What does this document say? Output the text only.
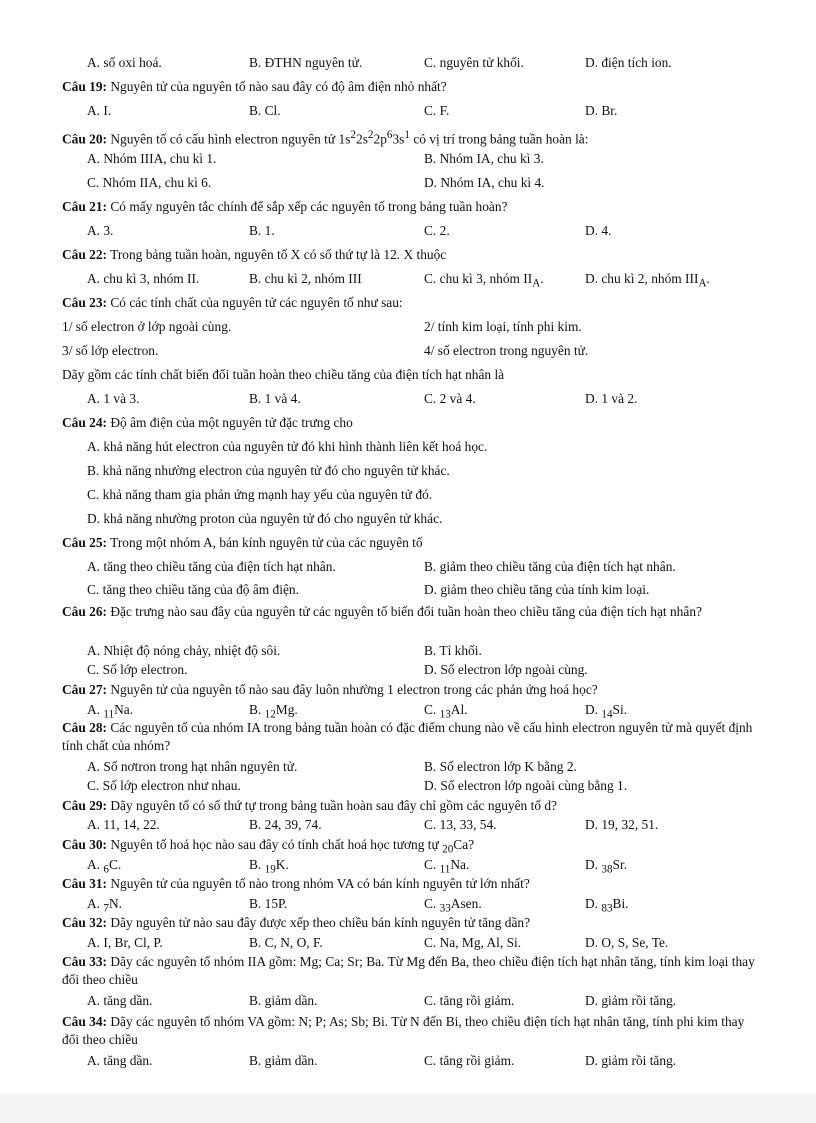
A. số oxi hoá.	B. ĐTHN nguyên tử.	C. nguyên tử khối.	D. điện tích ion.
Câu 19: Nguyên tử của nguyên tố nào sau đây có độ âm điện nhỏ nhất?
A. I.	B. Cl.	C. F.	D. Br.
Câu 20: Nguyên tố có cấu hình electron nguyên tử $1s^22s^22p^63s^1$ có vị trí trong bảng tuần hoàn là:
A. Nhóm IIIA, chu kì 1.	B. Nhóm IA, chu kì 3.
C. Nhóm IIA, chu kì 6.	D. Nhóm IA, chu kì 4.
Câu 21: Có mấy nguyên tắc chính để sắp xếp các nguyên tố trong bảng tuần hoàn?
A. 3.	B. 1.	C. 2.	D. 4.
Câu 22: Trong bảng tuần hoàn, nguyên tố X có số thứ tự là 12. X thuộc
A. chu kì 3, nhóm II.	B. chu kì 2, nhóm III	C. chu kì 3, nhóm $II_A$.	D. chu kì 2, nhóm $III_A$.
Câu 23: Có các tính chất của nguyên tử các nguyên tố như sau:
1/ số electron ở lớp ngoài cùng.	2/ tính kim loại, tính phi kim.
3/ số lớp electron.	4/ số electron trong nguyên tử.
Dãy gồm các tính chất biến đổi tuần hoàn theo chiều tăng của điện tích hạt nhân là
A. 1 và 3.	B. 1 và 4.	C. 2 và 4.	D. 1 và 2.
Câu 24: Độ âm điện của một nguyên tử đặc trưng cho
A. khả năng hút electron của nguyên tử đó khi hình thành liên kết hoá học.
B. khả năng nhường electron của nguyên tử đó cho nguyên tử khác.
C. khả năng tham gia phản ứng mạnh hay yếu của nguyên tử đó.
D. khả năng nhường proton của nguyên tử đó cho nguyên tử khác.
Câu 25: Trong một nhóm A, bán kính nguyên tử của các nguyên tố
A. tăng theo chiều tăng của điện tích hạt nhân.	B. giảm theo chiều tăng của điện tích hạt nhân.
C. tăng theo chiều tăng của độ âm điện.	D. giảm theo chiều tăng của tính kim loại.
Câu 26: Đặc trưng nào sau đây của nguyên tử các nguyên tố biến đổi tuần hoàn theo chiều tăng của điện tích hạt nhân?
A. Nhiệt độ nóng chảy, nhiệt độ sôi.	B. Tỉ khối.
C. Số lớp electron.	D. Số electron lớp ngoài cùng.
Câu 27: Nguyên tử của nguyên tố nào sau đây luôn nhường 1 electron trong các phản ứng hoá học?
A. $_{11}$Na.	B. $_{12}$Mg.	C. $_{13}$Al.	D. $_{14}$Si.
Câu 28: Các nguyên tố của nhóm IA trong bảng tuần hoàn có đặc điểm chung nào về cấu hình electron nguyên tử mà quyết định tính chất của nhóm?
A. Số nơtron trong hạt nhân nguyên tử.	B. Số electron lớp K bằng 2.
C. Số lớp electron như nhau.	D. Số electron lớp ngoài cùng bằng 1.
Câu 29: Dãy nguyên tố có số thứ tự trong bảng tuần hoàn sau đây chỉ gồm các nguyên tố d?
A. 11, 14, 22.	B. 24, 39, 74.	C. 13, 33, 54.	D. 19, 32, 51.
Câu 30: Nguyên tố hoá học nào sau đây có tính chất hoá học tương tự $_{20}$Ca?
A. $_6$C.	B. $_{19}$K.	C. $_{11}$Na.	D. $_{38}$Sr.
Câu 31: Nguyên tử của nguyên tố nào trong nhóm VA có bán kính nguyên tử lớn nhất?
A. $_7$N.	B. 15P.	C. $_{33}$Asen.	D. $_{83}$Bi.
Câu 32: Dãy nguyên tử nào sau đây được xếp theo chiều bán kính nguyên tử tăng dần?
A. I, Br, Cl, P.	B. C, N, O, F.	C. Na, Mg, Al, Si.	D. O, S, Se, Te.
Câu 33: Dãy các nguyên tố nhóm IIA gồm: Mg; Ca; Sr; Ba. Từ Mg đến Ba, theo chiều điện tích hạt nhân tăng, tính kim loại thay đổi theo chiều
A. tăng dần.	B. giảm dần.	C. tăng rồi giảm.	D. giảm rồi tăng.
Câu 34: Dãy các nguyên tố nhóm VA gồm: N; P; As; Sb; Bi. Từ N đến Bi, theo chiều điện tích hạt nhân tăng, tính phi kim thay đổi theo chiều
A. tăng dần.	B. giảm dần.	C. tăng rồi giảm.	D. giảm rồi tăng.
